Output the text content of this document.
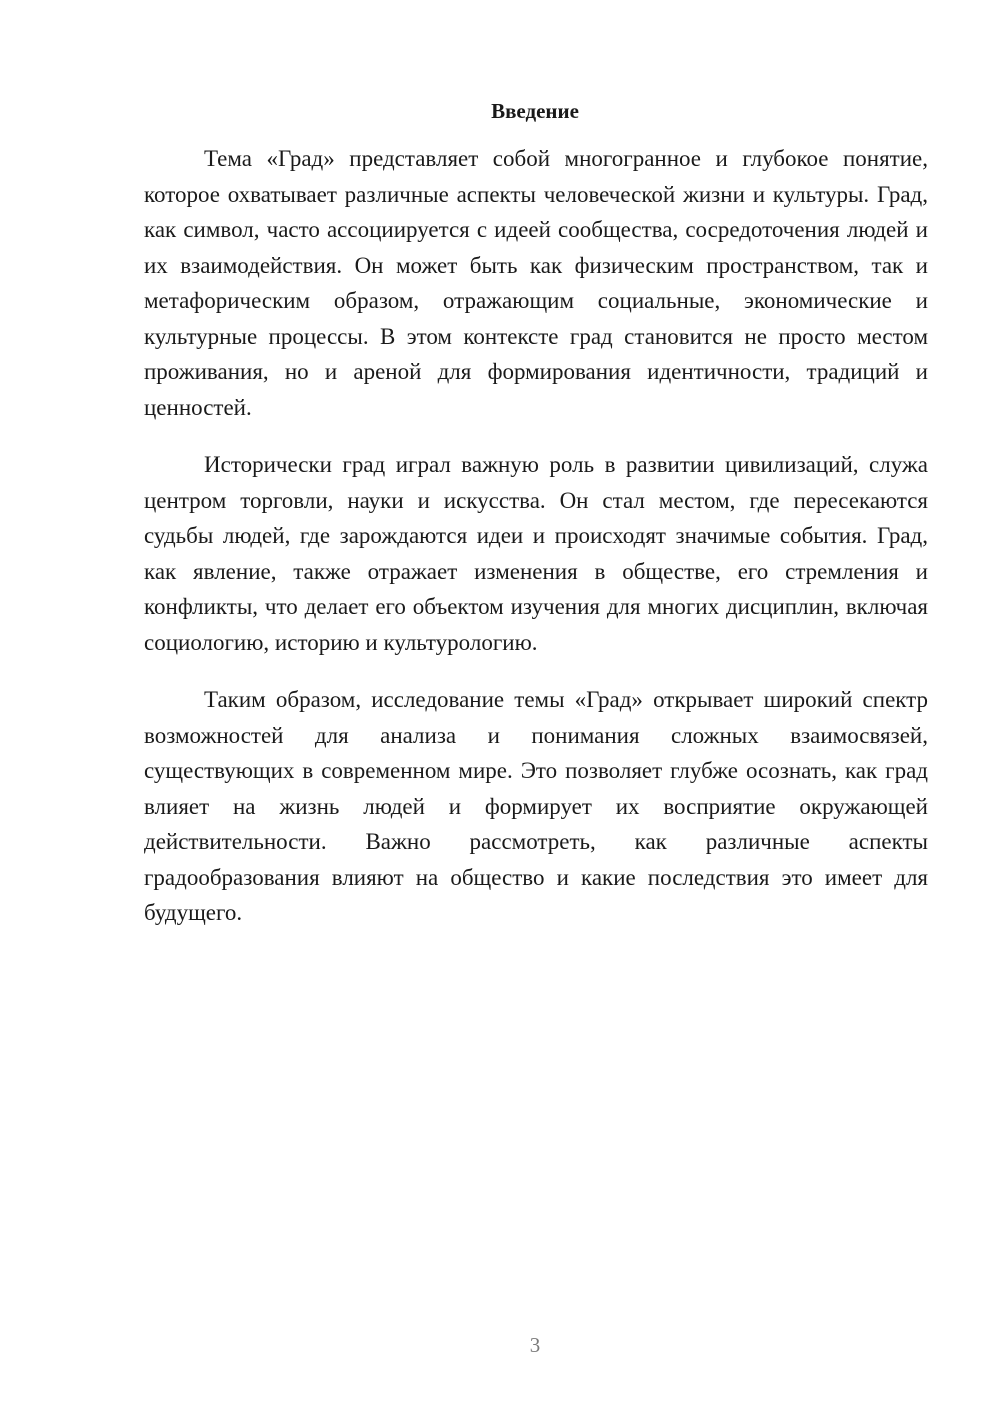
Введение

Тема «Град» представляет собой многогранное и глубокое понятие, которое охватывает различные аспекты человеческой жизни и культуры. Град, как символ, часто ассоциируется с идеей сообщества, сосредоточения людей и их взаимодействия. Он может быть как физическим пространством, так и метафорическим образом, отражающим социальные, экономические и культурные процессы. В этом контексте град становится не просто местом проживания, но и ареной для формирования идентичности, традиций и ценностей.

Исторически град играл важную роль в развитии цивилизаций, служа центром торговли, науки и искусства. Он стал местом, где пересекаются судьбы людей, где зарождаются идеи и происходят значимые события. Град, как явление, также отражает изменения в обществе, его стремления и конфликты, что делает его объектом изучения для многих дисциплин, включая социологию, историю и культурологию.

Таким образом, исследование темы «Град» открывает широкий спектр возможностей для анализа и понимания сложных взаимосвязей, существующих в современном мире. Это позволяет глубже осознать, как град влияет на жизнь людей и формирует их восприятие окружающей действительности. Важно рассмотреть, как различные аспекты градообразования влияют на общество и какие последствия это имеет для будущего.

3
